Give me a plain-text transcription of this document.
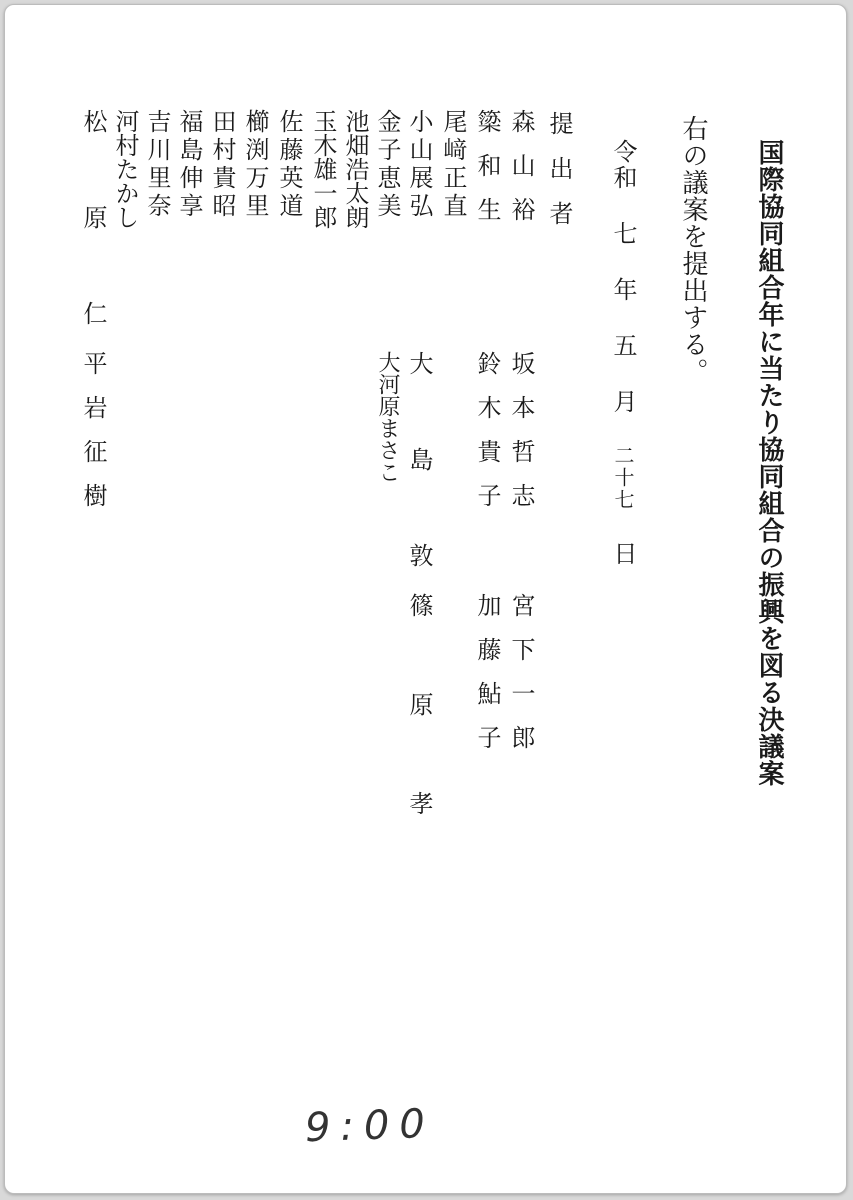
国際協同組合年に当たり協同組合の振興を図る決議案
右の議案を提出する。
令和七年五月二十七日
提出者
森山裕
簗和生
尾﨑正直
小山展弘
金子恵美
池畑浩太朗
玉木雄一郎
佐藤英道
櫛渕万里
田村貴昭
福島伸享
吉川里奈
河村たかし
松原仁
坂本哲志
鈴木貴子
大島敦
大河原まさこ
平岩征樹
宮下一郎
加藤鮎子
篠原孝
9:00
